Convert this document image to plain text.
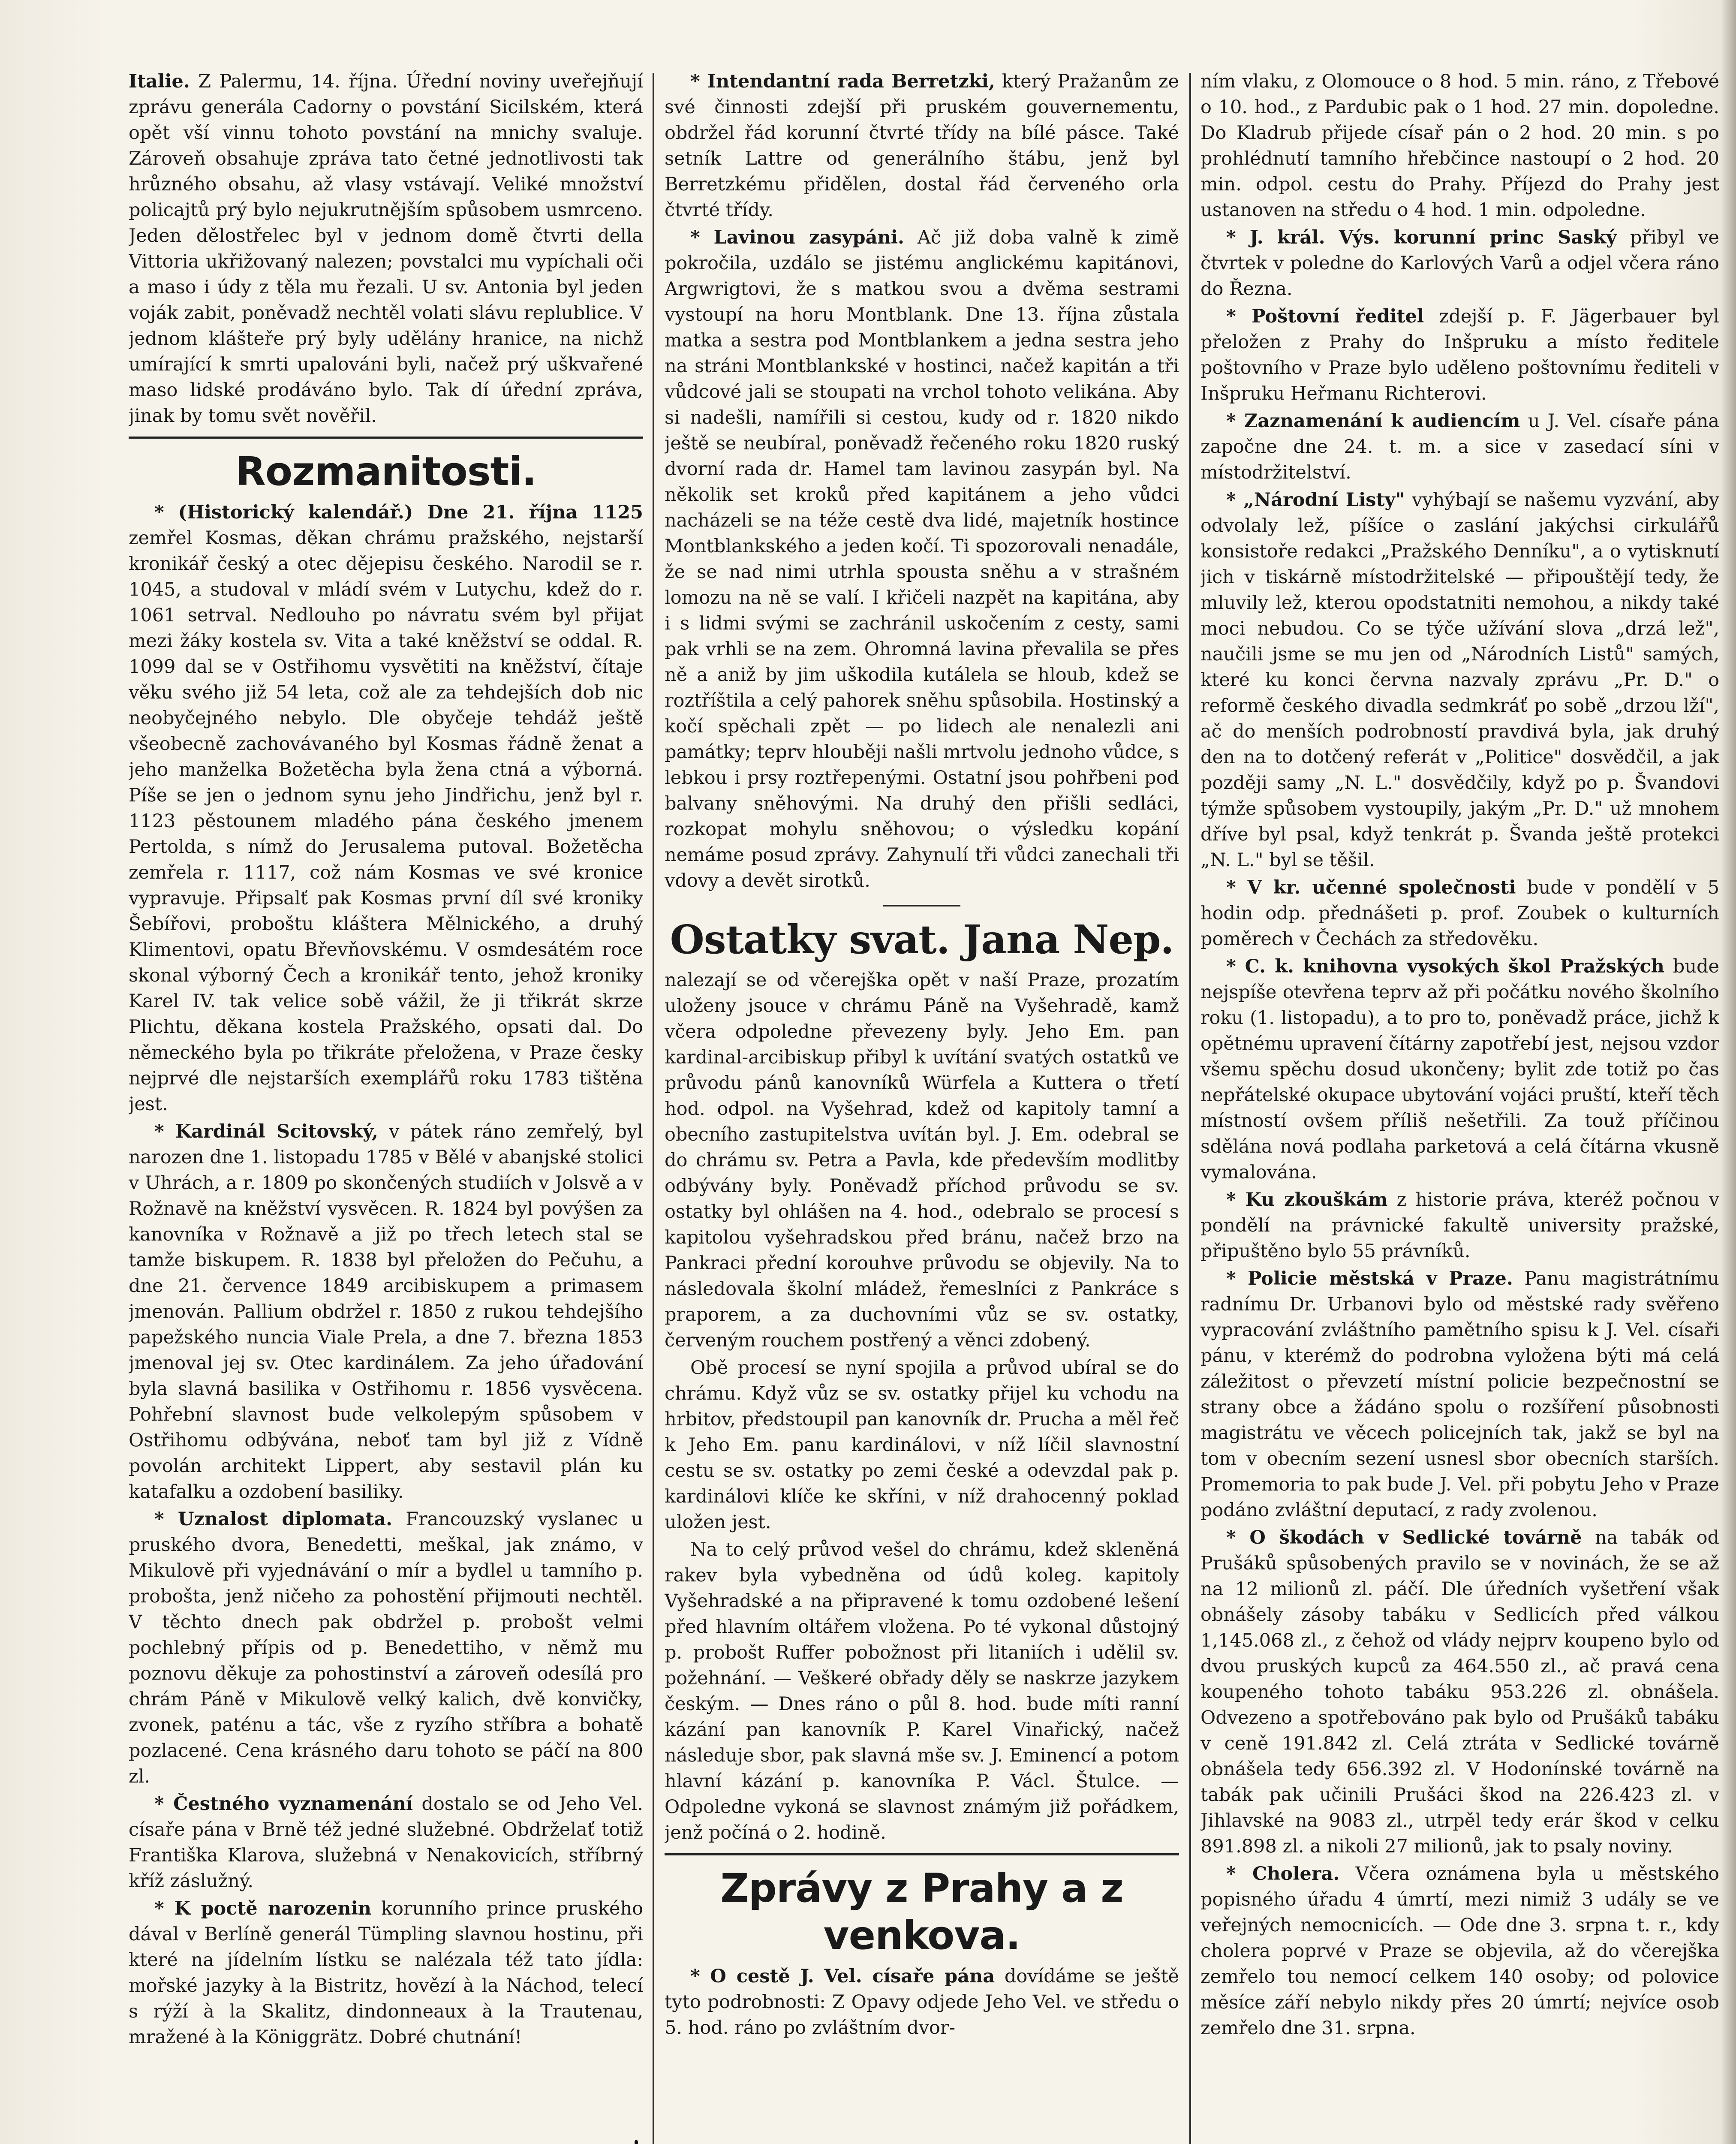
Italie. Z Palermu, 14. října. Úřední noviny uveřejňují zprávu generála Cadorny o povstání Sicilském, která opět vší vinnu tohoto povstání na mnichy svaluje. Zároveň obsahuje zpráva tato četné jednotlivosti tak hrůzného obsahu, až vlasy vstávají. Veliké množství policajtů prý bylo nejukrutnějším spůsobem usmrceno. Jeden dělostřelec byl v jednom domě čtvrti della Vittoria ukřižovaný nalezen; povstalci mu vypíchali oči a maso i údy z těla mu řezali. U sv. Antonia byl jeden voják zabit, poněvadž nechtěl volati slávu replublice. V jednom klášteře prý byly udělány hranice, na nichž umírající k smrti upalováni byli, načež prý uškvařené maso lidské prodáváno bylo. Tak dí úřední zpráva, jinak by tomu svět nověřil.

Rozmanitosti.

* (Historický kalendář.) Dne 21. října 1125 zemřel Kosmas, děkan chrámu pražského, nejstarší kronikář český a otec dějepisu českého. Narodil se r. 1045, a studoval v mládí svém v Lutychu, kdež do r. 1061 setrval. Nedlouho po návratu svém byl přijat mezi žáky kostela sv. Vita a také kněžství se oddal. R. 1099 dal se v Ostřihomu vysvětiti na kněžství, čítaje věku svého již 54 leta, což ale za tehdejších dob nic neobyčejného nebylo. Dle obyčeje tehdáž ještě všeobecně zachovávaného byl Kosmas řádně ženat a jeho manželka Božetěcha byla žena ctná a výborná. Píše se jen o jednom synu jeho Jindřichu, jenž byl r. 1123 pěstounem mladého pána českého jmenem Pertolda, s nímž do Jerusalema putoval. Božetěcha zemřela r. 1117, což nám Kosmas ve své kronice vypravuje. Připsalť pak Kosmas první díl své kroniky Šebířovi, proboštu kláštera Mělnického, a druhý Klimentovi, opatu Břevňovskému. V osmdesátém roce skonal výborný Čech a kronikář tento, jehož kroniky Karel IV. tak velice sobě vážil, že ji třikrát skrze Plichtu, děkana kostela Pražského, opsati dal. Do německého byla po třikráte přeložena, v Praze česky nejprvé dle nejstarších exemplářů roku 1783 tištěna jest.

* Kardinál Scitovský, v pátek ráno zemřelý, byl narozen dne 1. listopadu 1785 v Bělé v abanjské stolici v Uhrách, a r. 1809 po skončených studiích v Jolsvě a v Rožnavě na kněžství vysvěcen. R. 1824 byl povýšen za kanovníka v Rožnavě a již po třech letech stal se tamže biskupem. R. 1838 byl přeložen do Pečuhu, a dne 21. července 1849 arcibiskupem a primasem jmenován. Pallium obdržel r. 1850 z rukou tehdejšího papežského nuncia Viale Prela, a dne 7. března 1853 jmenoval jej sv. Otec kardinálem. Za jeho úřadování byla slavná basilika v Ostřihomu r. 1856 vysvěcena. Pohřební slavnost bude velkolepým spůsobem v Ostřihomu odbývána, neboť tam byl již z Vídně povolán architekt Lippert, aby sestavil plán ku katafalku a ozdobení basiliky.

* Uznalost diplomata. Francouzský vyslanec u pruského dvora, Benedetti, meškal, jak známo, v Mikulově při vyjednávání o mír a bydlel u tamního p. probošta, jenž ničeho za pohostění přijmouti nechtěl. V těchto dnech pak obdržel p. probošt velmi pochlebný přípis od p. Benedettiho, v němž mu poznovu děkuje za pohostinství a zároveň odesílá pro chrám Páně v Mikulově velký kalich, dvě konvičky, zvonek, paténu a tác, vše z ryzího stříbra a bohatě pozlacené. Cena krásného daru tohoto se páčí na 800 zl.

* Čestného vyznamenání dostalo se od Jeho Vel. císaře pána v Brně též jedné služebné. Obdrželať totiž Františka Klarova, služebná v Nenakovicích, stříbrný kříž záslužný.

* K poctě narozenin korunního prince pruského dával v Berlíně generál Tümpling slavnou hostinu, při které na jídelním lístku se nalézala též tato jídla: mořské jazyky à la Bistritz, hovězí à la Náchod, telecí s rýží à la Skalitz, dindonneaux à la Trautenau, mražené à la Königgrätz. Dobré chutnání!

* Intendantní rada Berretzki, který Pražanům ze své činnosti zdejší při pruském gouvernementu, obdržel řád korunní čtvrté třídy na bílé pásce. Také setník Lattre od generálního štábu, jenž byl Berretzkému přidělen, dostal řád červeného orla čtvrté třídy.

* Lavinou zasypáni. Ač již doba valně k zimě pokročila, uzdálo se jistému anglickému kapitánovi, Argwrigtovi, že s matkou svou a dvěma sestrami vystoupí na horu Montblank. Dne 13. října zůstala matka a sestra pod Montblankem a jedna sestra jeho na stráni Montblankské v hostinci, načež kapitán a tři vůdcové jali se stoupati na vrchol tohoto velikána. Aby si nadešli, namířili si cestou, kudy od r. 1820 nikdo ještě se neubíral, poněvadž řečeného roku 1820 ruský dvorní rada dr. Hamel tam lavinou zasypán byl. Na několik set kroků před kapitánem a jeho vůdci nacházeli se na téže cestě dva lidé, majetník hostince Montblankského a jeden kočí. Ti spozorovali nenadále, že se nad nimi utrhla spousta sněhu a v strašném lomozu na ně se valí. I křičeli nazpět na kapitána, aby i s lidmi svými se zachránil uskočením z cesty, sami pak vrhli se na zem. Ohromná lavina převalila se přes ně a aniž by jim uškodila kutálela se hloub, kdež se roztříštila a celý pahorek sněhu spůsobila. Hostinský a kočí spěchali zpět — po lidech ale nenalezli ani památky; teprv hlouběji našli mrtvolu jednoho vůdce, s lebkou i prsy roztřepenými. Ostatní jsou pohřbeni pod balvany sněhovými. Na druhý den přišli sedláci, rozkopat mohylu sněhovou; o výsledku kopání nemáme posud zprávy. Zahynulí tři vůdci zanechali tři vdovy a devět sirotků.

Ostatky svat. Jana Nep.

nalezají se od včerejška opět v naší Praze, prozatím uloženy jsouce v chrámu Páně na Vyšehradě, kamž včera odpoledne převezeny byly. Jeho Em. pan kardinal-arcibiskup přibyl k uvítání svatých ostatků ve průvodu pánů kanovníků Würfela a Kuttera o třetí hod. odpol. na Vyšehrad, kdež od kapitoly tamní a obecního zastupitelstva uvítán byl. J. Em. odebral se do chrámu sv. Petra a Pavla, kde především modlitby odbývány byly. Poněvadž příchod průvodu se sv. ostatky byl ohlášen na 4. hod., odebralo se procesí s kapitolou vyšehradskou před bránu, načež brzo na Pankraci přední korouhve průvodu se objevily. Na to následovala školní mládež, řemeslníci z Pankráce s praporem, a za duchovními vůz se sv. ostatky, červeným rouchem postřený a věnci zdobený.

Obě procesí se nyní spojila a průvod ubíral se do chrámu. Když vůz se sv. ostatky přijel ku vchodu na hrbitov, předstoupil pan kanovník dr. Prucha a měl řeč k Jeho Em. panu kardinálovi, v níž líčil slavnostní cestu se sv. ostatky po zemi české a odevzdal pak p. kardinálovi klíče ke skříni, v níž drahocenný poklad uložen jest.

Na to celý průvod vešel do chrámu, kdež skleněná rakev byla vybedněna od údů koleg. kapitoly Vyšehradské a na připravené k tomu ozdobené lešení před hlavním oltářem vložena. Po té vykonal důstojný p. probošt Ruffer pobožnost při litaniích i udělil sv. požehnání. — Veškeré obřady děly se naskrze jazykem českým. — Dnes ráno o půl 8. hod. bude míti ranní kázání pan kanovník P. Karel Vinařický, načež následuje sbor, pak slavná mše sv. J. Eminencí a potom hlavní kázání p. kanovníka P. Václ. Štulce. — Odpoledne vykoná se slavnost známým již pořádkem, jenž počíná o 2. hodině.

Zprávy z Prahy a z venkova.

* O cestě J. Vel. císaře pána dovídáme se ještě tyto podrobnosti: Z Opavy odjede Jeho Vel. ve středu o 5. hod. ráno po zvláštním dvor-

ním vlaku, z Olomouce o 8 hod. 5 min. ráno, z Třebové o 10. hod., z Pardubic pak o 1 hod. 27 min. dopoledne. Do Kladrub přijede císař pán o 2 hod. 20 min. s po prohlédnutí tamního hřebčince nastoupí o 2 hod. 20 min. odpol. cestu do Prahy. Příjezd do Prahy jest ustanoven na středu o 4 hod. 1 min. odpoledne.

* J. král. Výs. korunní princ Saský přibyl ve čtvrtek v poledne do Karlových Varů a odjel včera ráno do Řezna.

* Poštovní ředitel zdejší p. F. Jägerbauer byl přeložen z Prahy do Inšpruku a místo ředitele poštovního v Praze bylo uděleno poštovnímu řediteli v Inšpruku Heřmanu Richterovi.

* Zaznamenání k audiencím u J. Vel. císaře pána započne dne 24. t. m. a sice v zasedací síni v místodržitelství.

* „Národní Listy" vyhýbají se našemu vyzvání, aby odvolaly lež, píšíce o zaslání jakýchsi cirkulářů konsistoře redakci „Pražského Denníku", a o vytisknutí jich v tiskárně místodržitelské — připouštějí tedy, že mluvily lež, kterou opodstatniti nemohou, a nikdy také moci nebudou. Co se týče užívání slova „drzá lež", naučili jsme se mu jen od „Národních Listů" samých, které ku konci června nazvaly zprávu „Pr. D." o reformě českého divadla sedmkráť po sobě „drzou lží", ač do menších podrobností pravdivá byla, jak druhý den na to dotčený referát v „Politice" dosvědčil, a jak později samy „N. L." dosvědčily, když po p. Švandovi týmže spůsobem vystoupily, jakým „Pr. D." už mnohem dříve byl psal, když tenkrát p. Švanda ještě protekci „N. L." byl se těšil.

* V kr. učenné společnosti bude v pondělí v 5 hodin odp. přednášeti p. prof. Zoubek o kulturních poměrech v Čechách za středověku.

* C. k. knihovna vysokých škol Pražských bude nejspíše otevřena teprv až při počátku nového školního roku (1. listopadu), a to pro to, poněvadž práce, jichž k opětnému upravení čítárny zapotřebí jest, nejsou vzdor všemu spěchu dosud ukončeny; bylit zde totiž po čas nepřátelské okupace ubytování vojáci pruští, kteří těch místností ovšem příliš nešetřili. Za touž příčinou sdělána nová podlaha parketová a celá čítárna vkusně vymalována.

* Ku zkouškám z historie práva, kteréž počnou v pondělí na právnické fakultě university pražské, připuštěno bylo 55 právníků.

* Policie městská v Praze. Panu magistrátnímu radnímu Dr. Urbanovi bylo od městské rady svěřeno vypracování zvláštního pamětního spisu k J. Vel. císaři pánu, v kterémž do podrobna vyložena býti má celá záležitost o převzetí místní policie bezpečnostní se strany obce a žádáno spolu o rozšíření působnosti magistrátu ve věcech policejních tak, jakž se byl na tom v obecním sezení usnesl sbor obecních starších. Promemoria to pak bude J. Vel. při pobytu Jeho v Praze podáno zvláštní deputací, z rady zvolenou.

* O škodách v Sedlické továrně na tabák od Prušáků spůsobených pravilo se v novinách, že se až na 12 milionů zl. páčí. Dle úředních vyšetření však obnášely zásoby tabáku v Sedlicích před válkou 1,145.068 zl., z čehož od vlády nejprv koupeno bylo od dvou pruských kupců za 464.550 zl., ač pravá cena koupeného tohoto tabáku 953.226 zl. obnášela. Odvezeno a spotřebováno pak bylo od Prušáků tabáku v ceně 191.842 zl. Celá ztráta v Sedlické továrně obnášela tedy 656.392 zl. V Hodonínské továrně na tabák pak učinili Prušáci škod na 226.423 zl. v Jihlavské na 9083 zl., utrpěl tedy erár škod v celku 891.898 zl. a nikoli 27 milionů, jak to psaly noviny.

* Cholera. Včera oznámena byla u městského popisného úřadu 4 úmrtí, mezi nimiž 3 udály se ve veřejných nemocnicích. — Ode dne 3. srpna t. r., kdy cholera poprvé v Praze se objevila, až do včerejška zemřelo tou nemocí celkem 140 osoby; od polovice měsíce září nebylo nikdy přes 20 úmrtí; nejvíce osob zemřelo dne 31. srpna.
